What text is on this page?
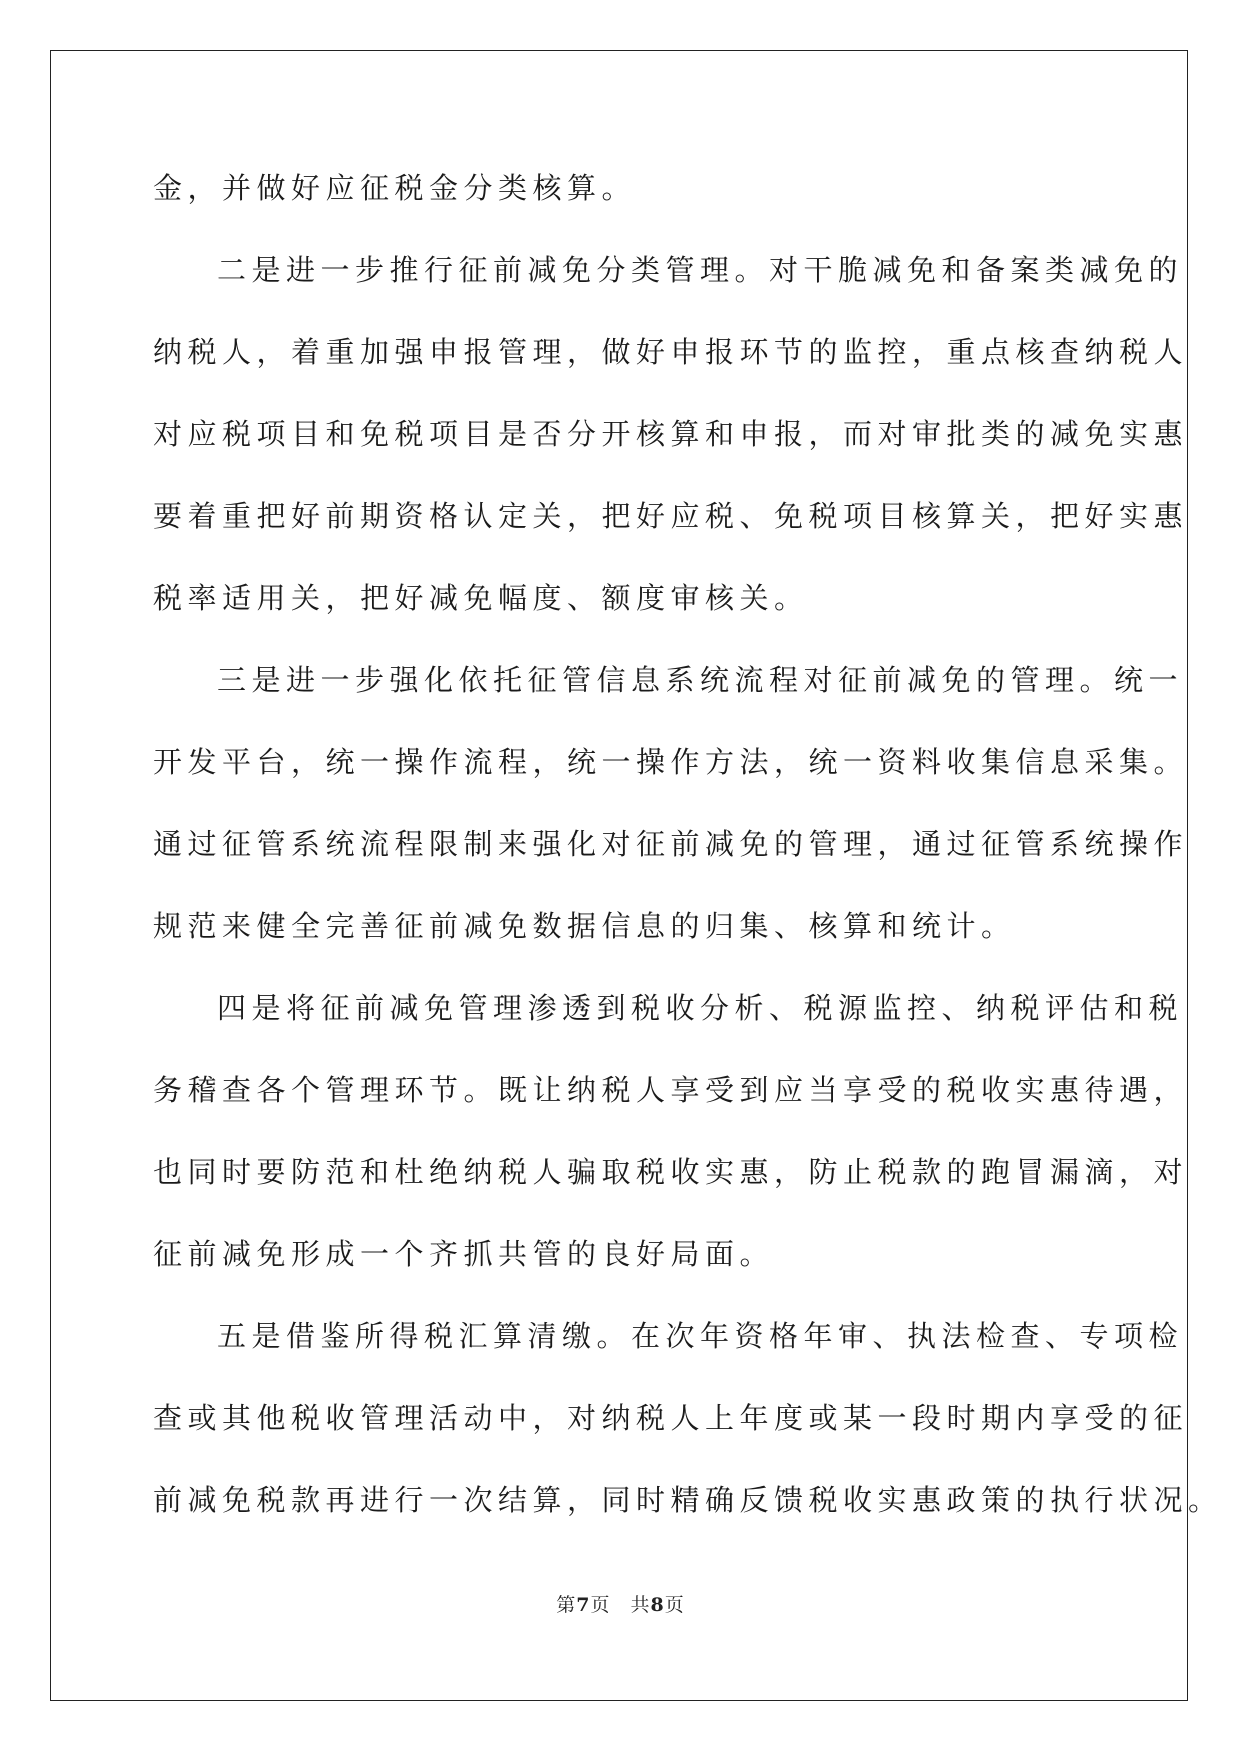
金，并做好应征税金分类核算。
二是进一步推行征前减免分类管理。对干脆减免和备案类减免的
纳税人，着重加强申报管理，做好申报环节的监控，重点核查纳税人
对应税项目和免税项目是否分开核算和申报，而对审批类的减免实惠
要着重把好前期资格认定关，把好应税、免税项目核算关，把好实惠
税率适用关，把好减免幅度、额度审核关。
三是进一步强化依托征管信息系统流程对征前减免的管理。统一
开发平台，统一操作流程，统一操作方法，统一资料收集信息采集。
通过征管系统流程限制来强化对征前减免的管理，通过征管系统操作
规范来健全完善征前减免数据信息的归集、核算和统计。
四是将征前减免管理渗透到税收分析、税源监控、纳税评估和税
务稽查各个管理环节。既让纳税人享受到应当享受的税收实惠待遇，
也同时要防范和杜绝纳税人骗取税收实惠，防止税款的跑冒漏滴，对
征前减免形成一个齐抓共管的良好局面。
五是借鉴所得税汇算清缴。在次年资格年审、执法检查、专项检
查或其他税收管理活动中，对纳税人上年度或某一段时期内享受的征
前减免税款再进行一次结算，同时精确反馈税收实惠政策的执行状况。
第7页 共8页
